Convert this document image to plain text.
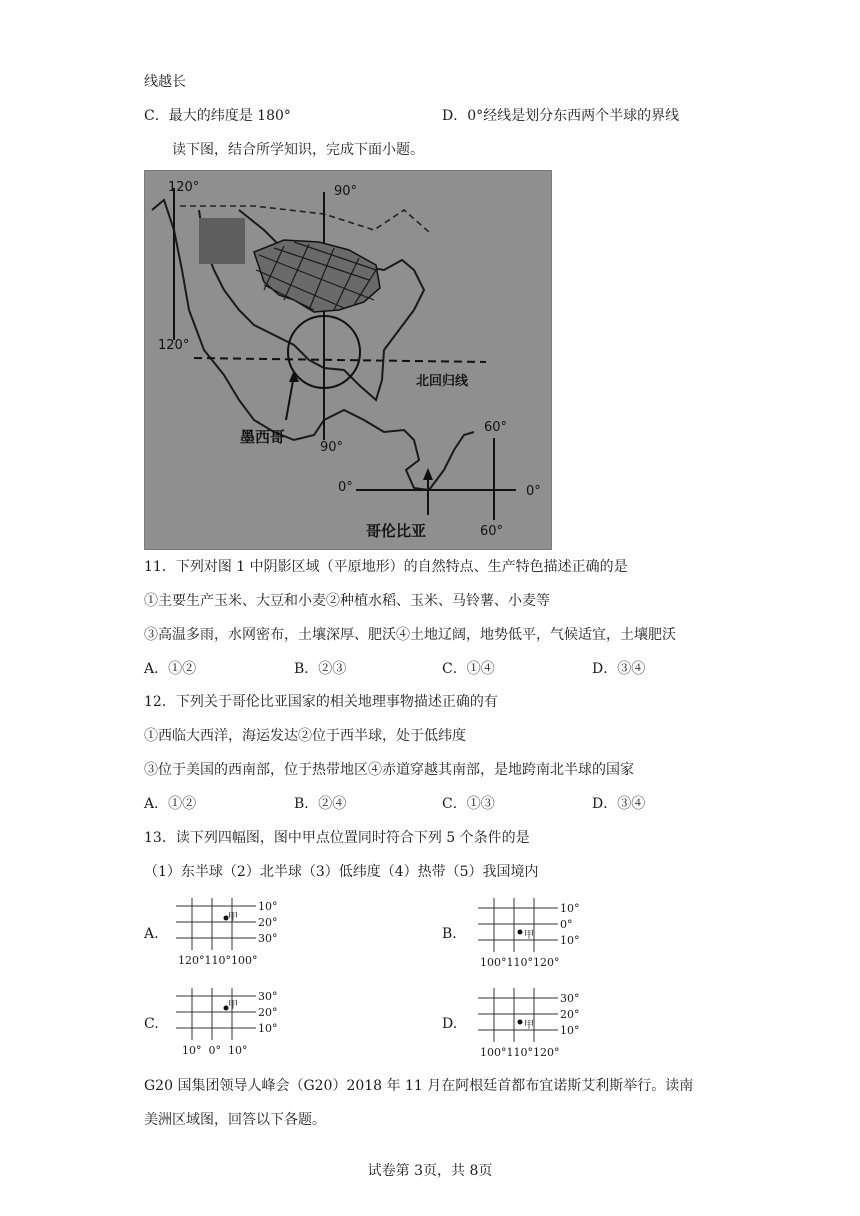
线越长
C．最大的纬度是 180°	D．0°经线是划分东西两个半球的界线
读下图，结合所学知识，完成下面小题。
120°	90°
120°
北回归线
墨西哥
90°
60°
0°	0°
60°
哥伦比亚
11．下列对图 1 中阴影区域（平原地形）的自然特点、生产特色描述正确的是
①主要生产玉米、大豆和小麦②种植水稻、玉米、马铃薯、小麦等
③高温多雨，水网密布，土壤深厚、肥沃④土地辽阔，地势低平，气候适宜，土壤肥沃
A．①②	B．②③	C．①④	D．③④
12．下列关于哥伦比亚国家的相关地理事物描述正确的有
①西临大西洋，海运发达②位于西半球，处于低纬度
③位于美国的西南部，位于热带地区④赤道穿越其南部，是地跨南北半球的国家
A．①②	B．②④	C．①③	D．③④
13．读下列四幅图，图中甲点位置同时符合下列 5 个条件的是
（1）东半球（2）北半球（3）低纬度（4）热带（5）我国境内
A.
甲
10°
20°
30°
120°110°100°
B.	甲
10°
0°
10°
100°110°120°
C.
甲
30°
20°
10°
10°  0°  10°
D.	甲
30°
20°
10°
100°110°120°
G20 国集团领导人峰会（G20）2018 年 11 月在阿根廷首都布宜诺斯艾利斯举行。读南
美洲区域图，回答以下各题。
试卷第 3页，共 8页
